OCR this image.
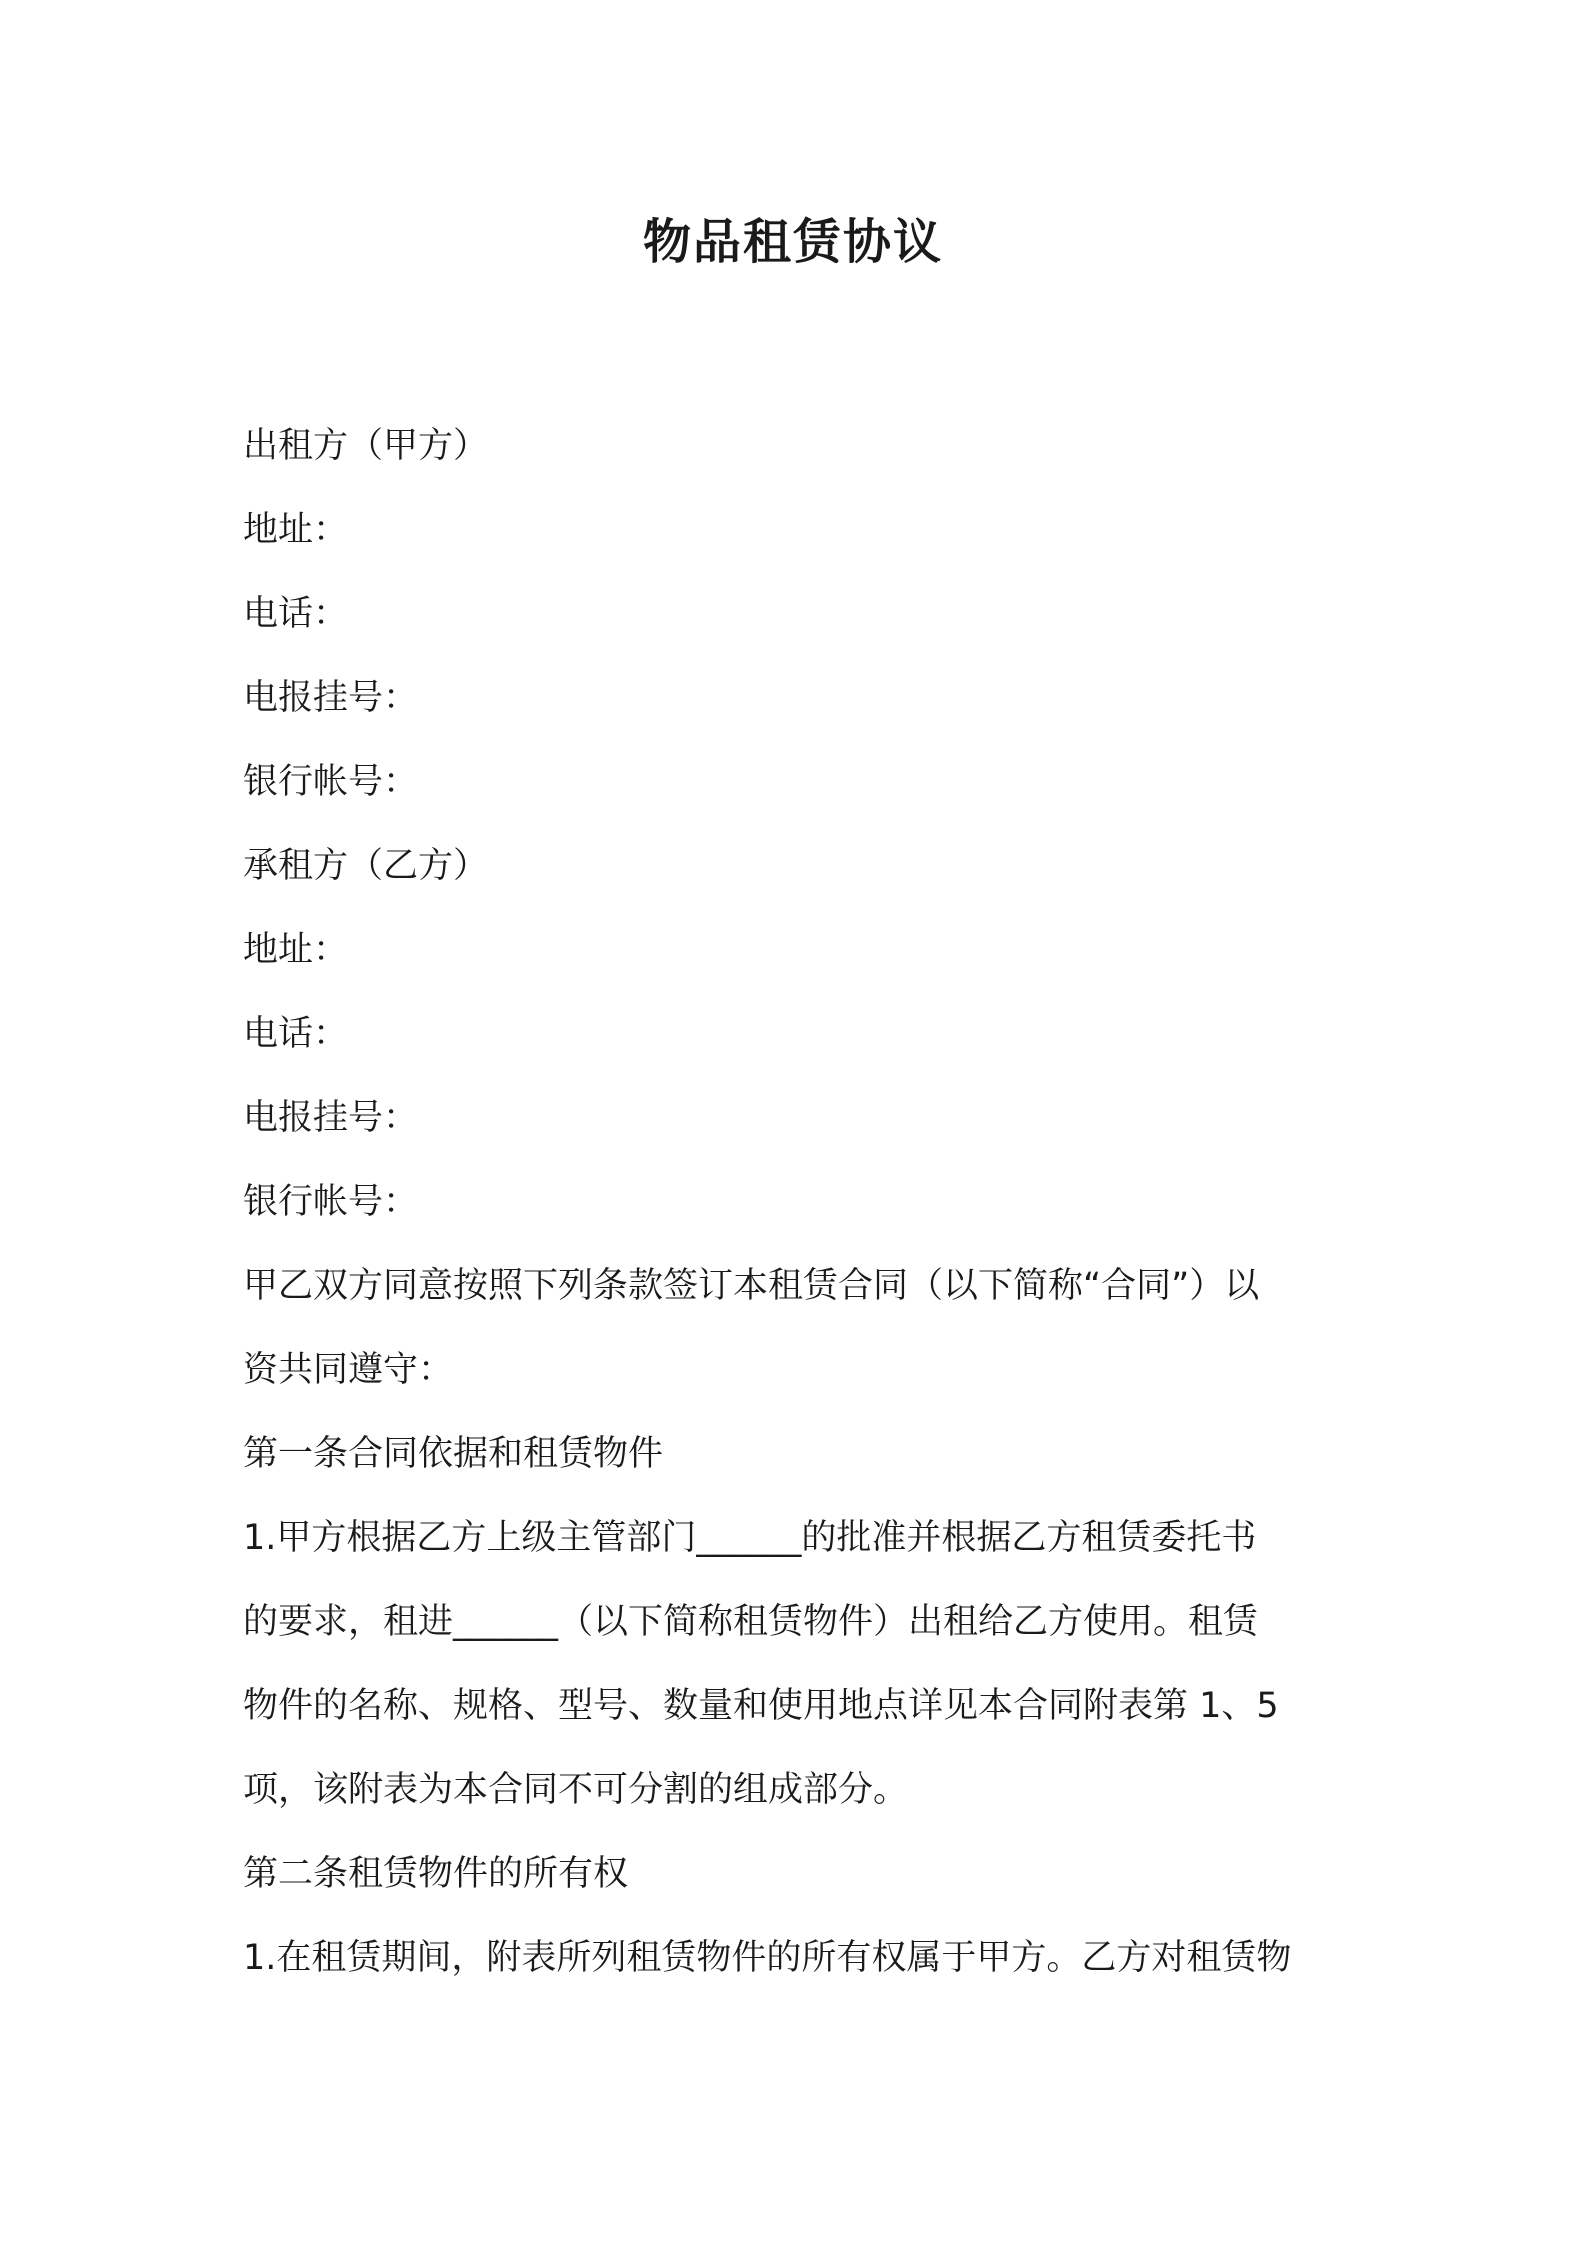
物品租赁协议
出租方（甲方）
地址：
电话：
电报挂号：
银行帐号：
承租方（乙方）
地址：
电话：
电报挂号：
银行帐号：
甲乙双方同意按照下列条款签订本租赁合同（以下简称“合同”）以
资共同遵守：
第一条合同依据和租赁物件
1.甲方根据乙方上级主管部门______的批准并根据乙方租赁委托书
的要求，租进______（以下简称租赁物件）出租给乙方使用。租赁
物件的名称、规格、型号、数量和使用地点详见本合同附表第 1、5
项，该附表为本合同不可分割的组成部分。
第二条租赁物件的所有权
1.在租赁期间，附表所列租赁物件的所有权属于甲方。乙方对租赁物
